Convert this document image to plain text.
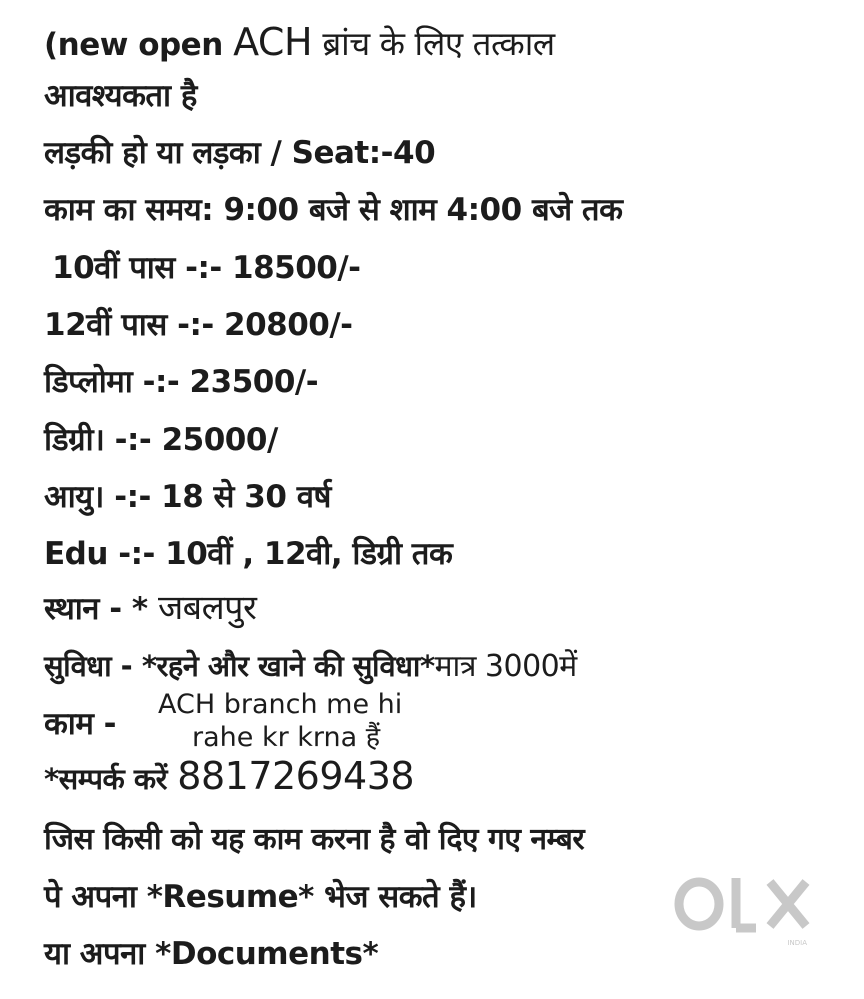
(new open ACH ब्रांच के लिए तत्काल
आवश्यकता है
लड़की हो या लड़का / Seat:-40
काम का समय: 9:00 बजे से शाम 4:00 बजे तक
10वीं पास -:- 18500/-
12वीं पास -:- 20800/-
डिप्लोमा -:- 23500/-
डिग्री। -:- 25000/
आयु। -:- 18 से 30 वर्ष
Edu -:- 10वीं , 12वी, डिग्री तक
स्थान - * जबलपुर
सुविधा - *रहने और खाने की सुविधा*मात्र 3000में
काम -
ACH branch me hi
rahe kr krna हैं
*सम्पर्क करें 8817269438
जिस किसी को यह काम करना है वो दिए गए नम्बर
पे अपना *Resume* भेज सकते हैं।
या अपना *Documents*	INDIA
